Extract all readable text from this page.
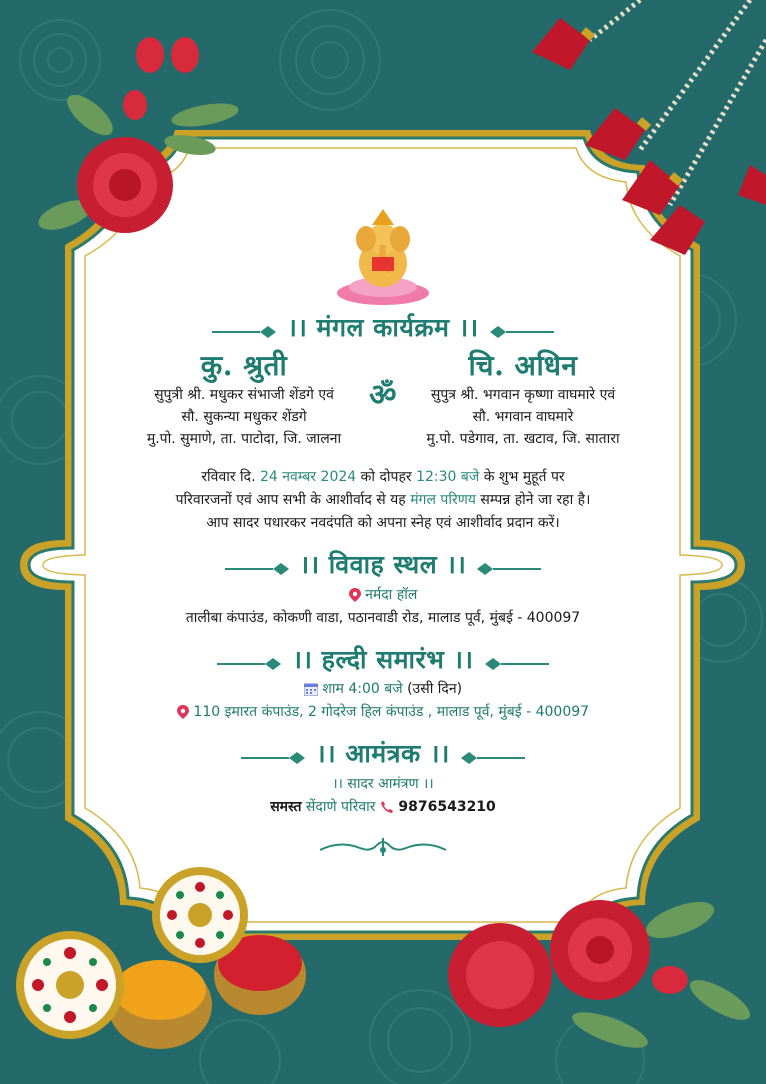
।। मंगल कार्यक्रम ।।
कु. श्रुती
सुपुत्री श्री. मधुकर संभाजी शेंडगे एवं
सौ. सुकन्या मधुकर शेंडगे
मु.पो. सुमाणे, ता. पाटोदा, जि. जालना
ॐ
चि. अधिन
सुपुत्र श्री. भगवान कृष्णा वाघमारे एवं
सौ. भगवान वाघमारे
मु.पो. पडेगाव, ता. खटाव, जि. सातारा
रविवार दि. 24 नवम्बर 2024 को दोपहर 12:30 बजे के शुभ मुहूर्त पर
परिवारजनों एवं आप सभी के आशीर्वाद से यह मंगल परिणय सम्पन्न होने जा रहा है।
आप सादर पधारकर नवदंपति को अपना स्नेह एवं आशीर्वाद प्रदान करें।
।। विवाह स्थल ।।
नर्मदा हॉल
तालीबा कंपाउंड, कोकणी वाडा, पठानवाडी रोड, मालाड पूर्व, मुंबई - 400097
।। हल्दी समारंभ ।।
शाम 4:00 बजे (उसी दिन)
110 इमारत कंपाउंड, 2 गोदरेज हिल कंपाउंड , मालाड पूर्व, मुंबई - 400097
।। आमंत्रक ।।
।। सादर आमंत्रण ।।
समस्त सेंदाणे परिवार 9876543210
